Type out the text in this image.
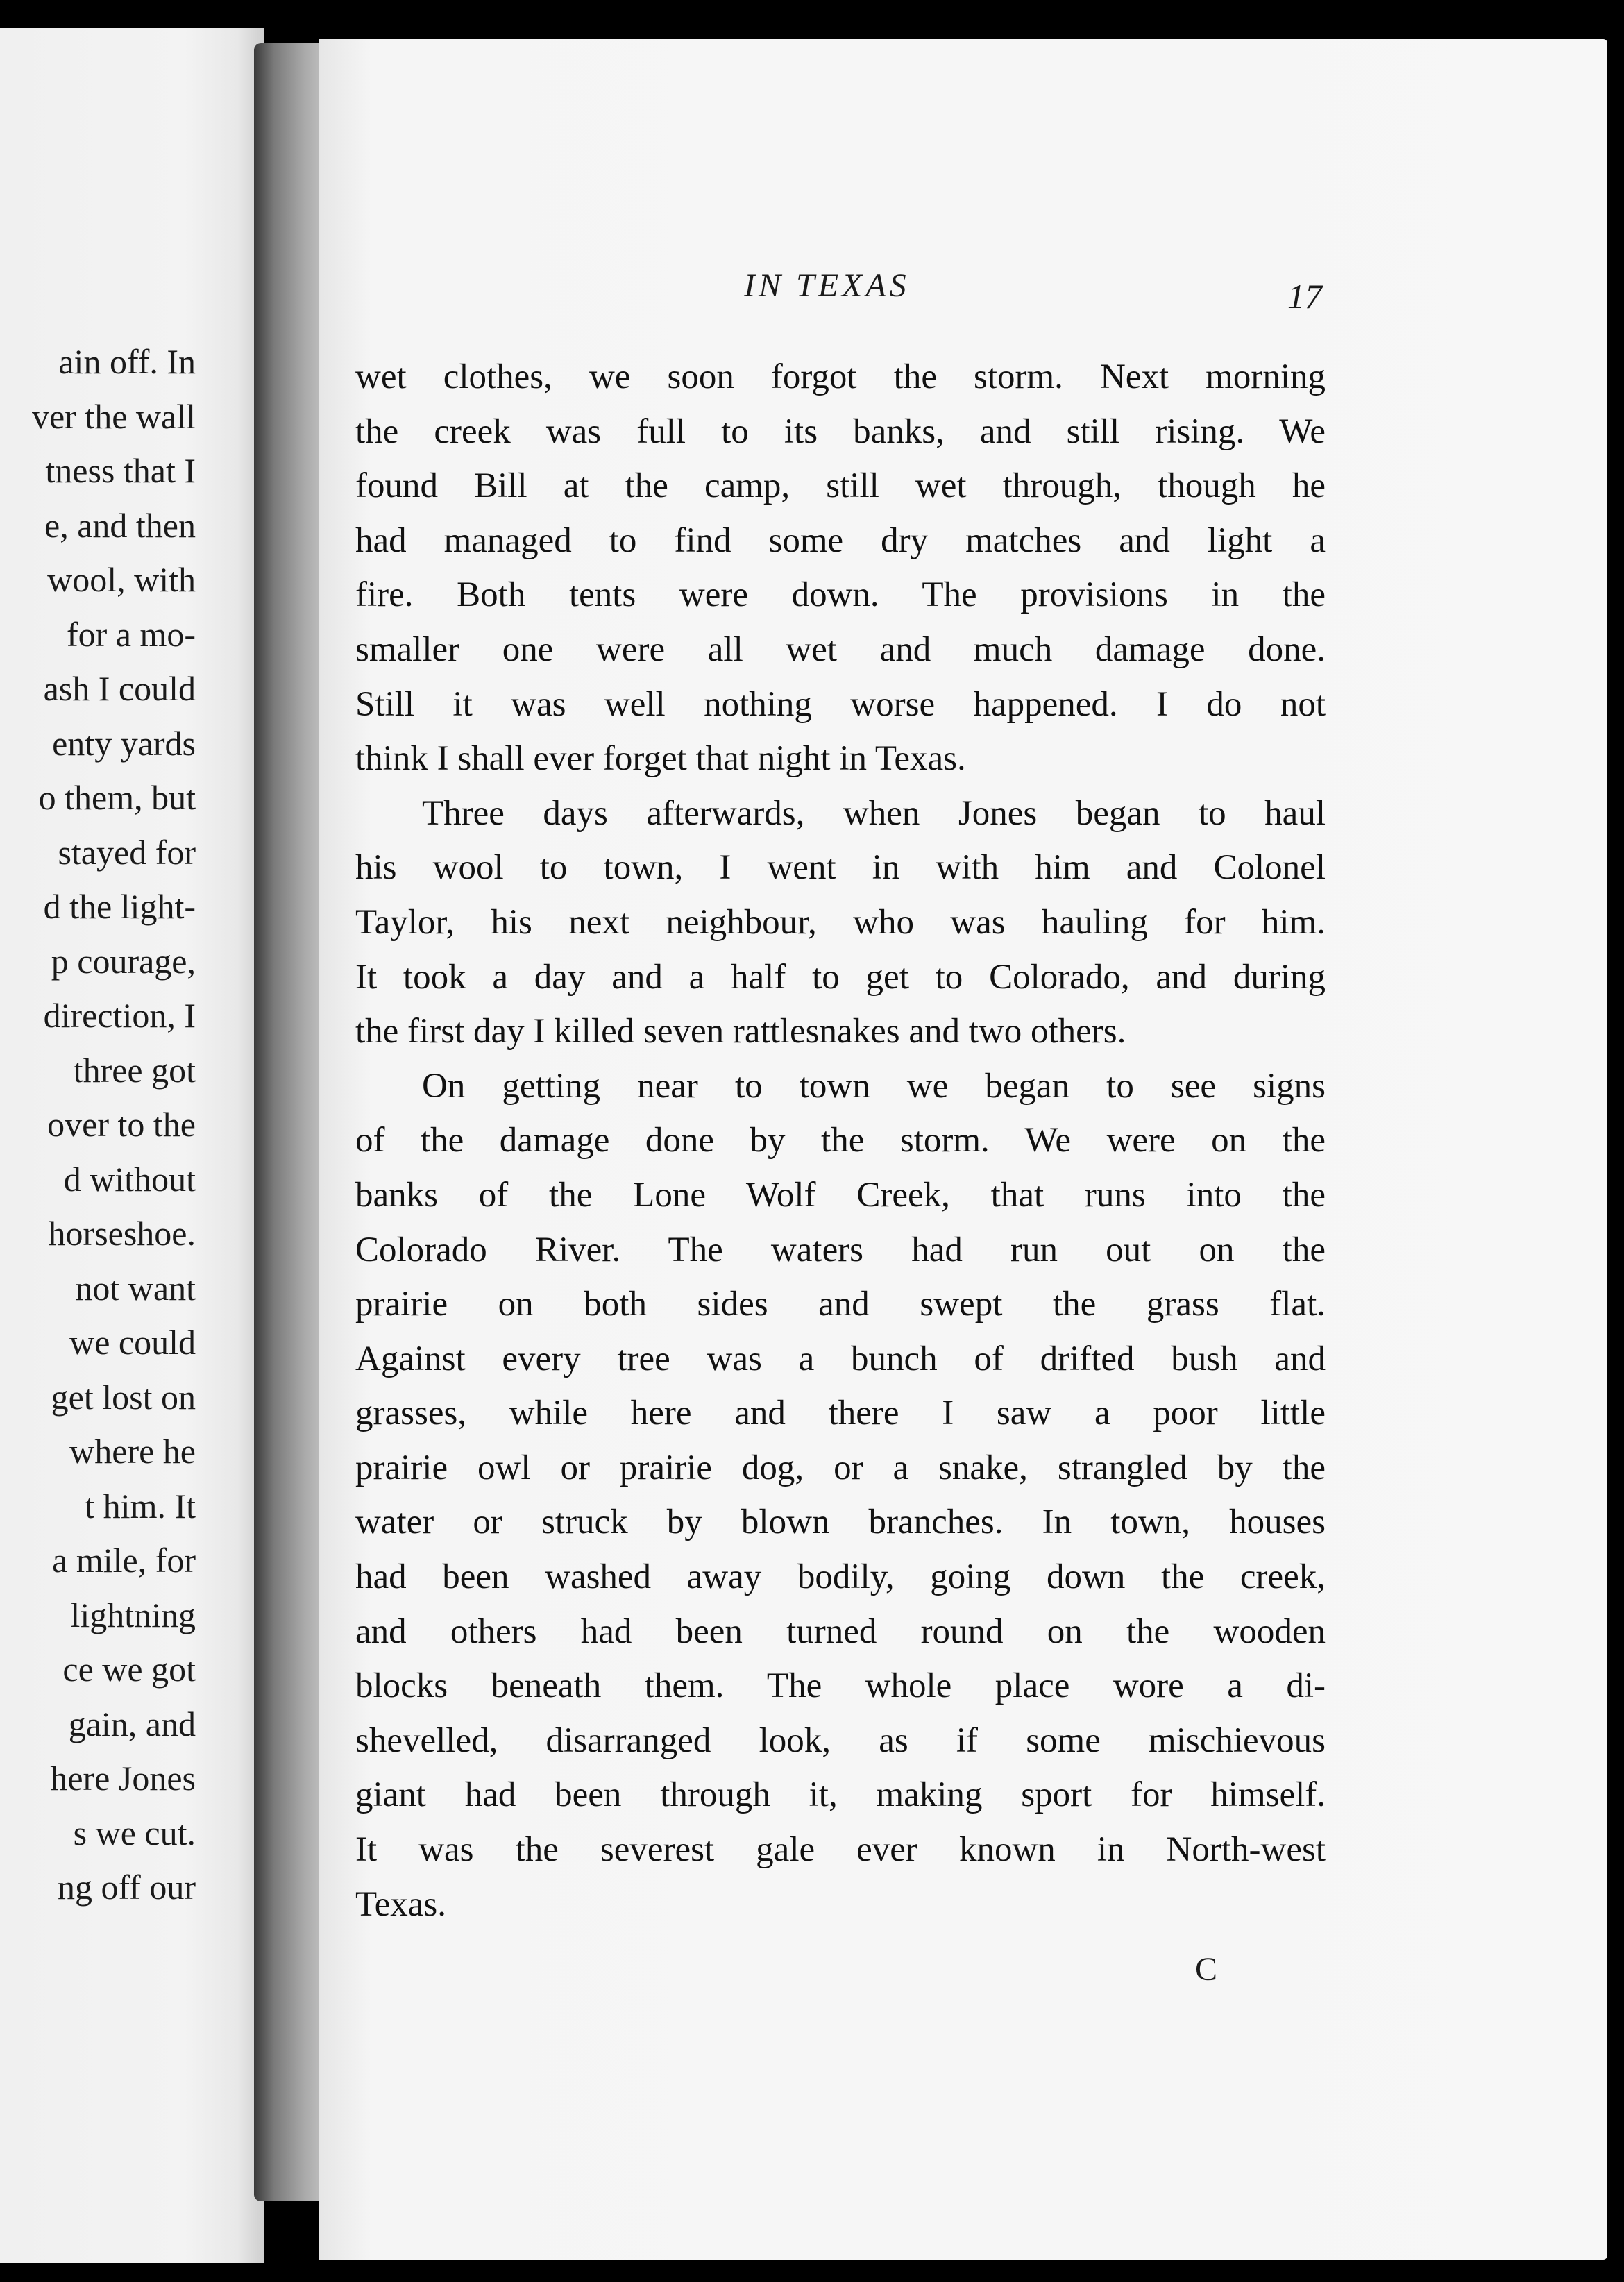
ain off. In
ver the wall
tness that I
e, and then
wool, with
for a mo-
ash I could
enty yards
o them, but
stayed for
d the light-
p courage,
direction, I
three got
over to the
d without
horseshoe.
not want
we could
get lost on
where he
t him. It
a mile, for
lightning
ce we got
gain, and
here Jones
s we cut.
ng off our
IN TEXAS	17
wet clothes, we soon forgot the storm. Next morning
the creek was full to its banks, and still rising. We
found Bill at the camp, still wet through, though he
had managed to find some dry matches and light a
fire. Both tents were down. The provisions in the
smaller one were all wet and much damage done.
Still it was well nothing worse happened. I do not
think I shall ever forget that night in Texas.
Three days afterwards, when Jones began to haul
his wool to town, I went in with him and Colonel
Taylor, his next neighbour, who was hauling for him.
It took a day and a half to get to Colorado, and during
the first day I killed seven rattlesnakes and two others.
On getting near to town we began to see signs
of the damage done by the storm. We were on the
banks of the Lone Wolf Creek, that runs into the
Colorado River. The waters had run out on the
prairie on both sides and swept the grass flat.
Against every tree was a bunch of drifted bush and
grasses, while here and there I saw a poor little
prairie owl or prairie dog, or a snake, strangled by the
water or struck by blown branches. In town, houses
had been washed away bodily, going down the creek,
and others had been turned round on the wooden
blocks beneath them. The whole place wore a di-
shevelled, disarranged look, as if some mischievous
giant had been through it, making sport for himself.
It was the severest gale ever known in North-west
Texas.
C
